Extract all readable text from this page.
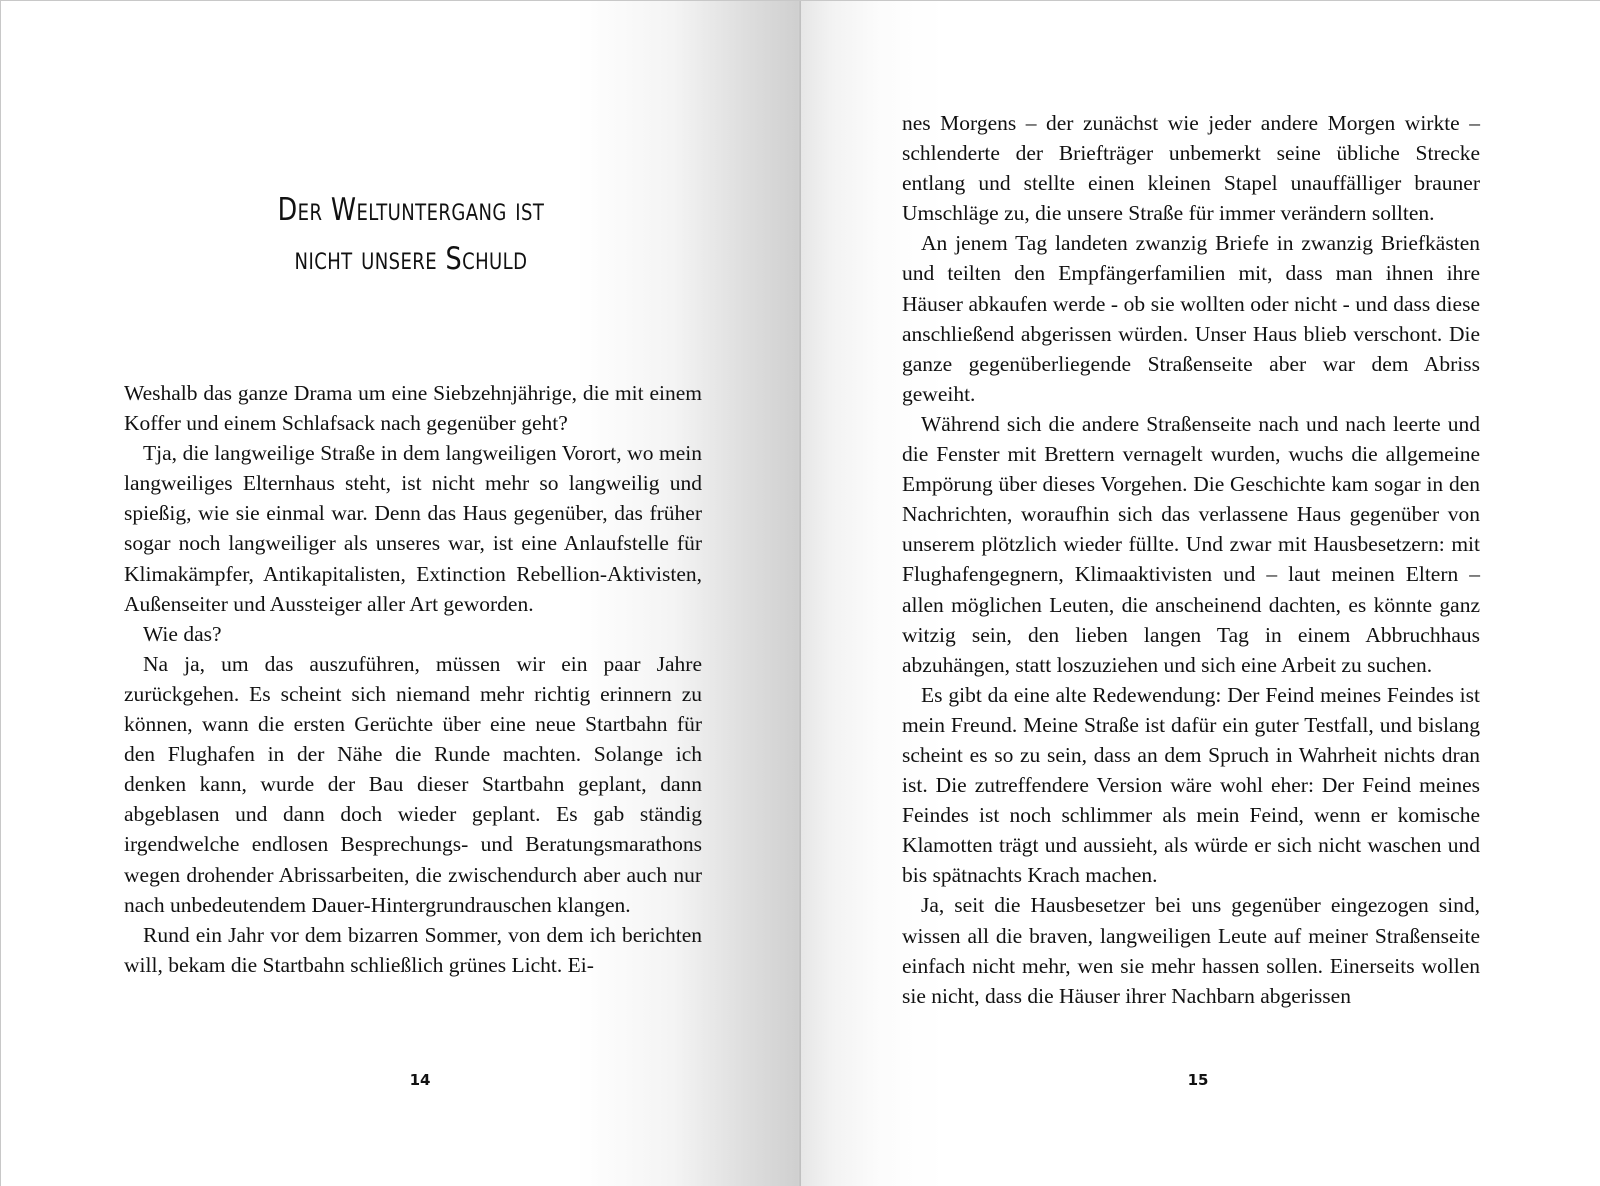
Der Weltuntergang ist
nicht unsere Schuld

Weshalb das ganze Drama um eine Siebzehnjährige, die mit einem Koffer und einem Schlafsack nach gegenüber geht?

Tja, die langweilige Straße in dem langweiligen Vorort, wo mein langweiliges Elternhaus steht, ist nicht mehr so langweilig und spießig, wie sie einmal war. Denn das Haus gegenüber, das früher sogar noch langweiliger als unseres war, ist eine Anlaufstelle für Klimakämpfer, Antikapitalisten, Extinction Rebellion-Aktivisten, Außenseiter und Aussteiger aller Art geworden.

Wie das?

Na ja, um das auszuführen, müssen wir ein paar Jahre zurückgehen. Es scheint sich niemand mehr richtig erinnern zu können, wann die ersten Gerüchte über eine neue Startbahn für den Flughafen in der Nähe die Runde machten. Solange ich denken kann, wurde der Bau dieser Startbahn geplant, dann abgeblasen und dann doch wieder geplant. Es gab ständig irgendwelche endlosen Besprechungs- und Beratungsmarathons wegen drohender Abrissarbeiten, die zwischendurch aber auch nur nach unbedeutendem Dauer-Hintergrundrauschen klangen.

Rund ein Jahr vor dem bizarren Sommer, von dem ich berichten will, bekam die Startbahn schließlich grünes Licht. Ei-

14

nes Morgens – der zunächst wie jeder andere Morgen wirkte – schlenderte der Briefträger unbemerkt seine übliche Strecke entlang und stellte einen kleinen Stapel unauffälliger brauner Umschläge zu, die unsere Straße für immer verändern sollten.

An jenem Tag landeten zwanzig Briefe in zwanzig Briefkästen und teilten den Empfängerfamilien mit, dass man ihnen ihre Häuser abkaufen werde - ob sie wollten oder nicht - und dass diese anschließend abgerissen würden. Unser Haus blieb verschont. Die ganze gegenüberliegende Straßenseite aber war dem Abriss geweiht.

Während sich die andere Straßenseite nach und nach leerte und die Fenster mit Brettern vernagelt wurden, wuchs die allgemeine Empörung über dieses Vorgehen. Die Geschichte kam sogar in den Nachrichten, woraufhin sich das verlassene Haus gegenüber von unserem plötzlich wieder füllte. Und zwar mit Hausbesetzern: mit Flughafengegnern, Klimaaktivisten und – laut meinen Eltern – allen möglichen Leuten, die anscheinend dachten, es könnte ganz witzig sein, den lieben langen Tag in einem Abbruchhaus abzuhängen, statt loszuziehen und sich eine Arbeit zu suchen.

Es gibt da eine alte Redewendung: Der Feind meines Feindes ist mein Freund. Meine Straße ist dafür ein guter Testfall, und bislang scheint es so zu sein, dass an dem Spruch in Wahrheit nichts dran ist. Die zutreffendere Version wäre wohl eher: Der Feind meines Feindes ist noch schlimmer als mein Feind, wenn er komische Klamotten trägt und aussieht, als würde er sich nicht waschen und bis spätnachts Krach machen.

Ja, seit die Hausbesetzer bei uns gegenüber eingezogen sind, wissen all die braven, langweiligen Leute auf meiner Straßenseite einfach nicht mehr, wen sie mehr hassen sollen. Einerseits wollen sie nicht, dass die Häuser ihrer Nachbarn abgerissen

15
